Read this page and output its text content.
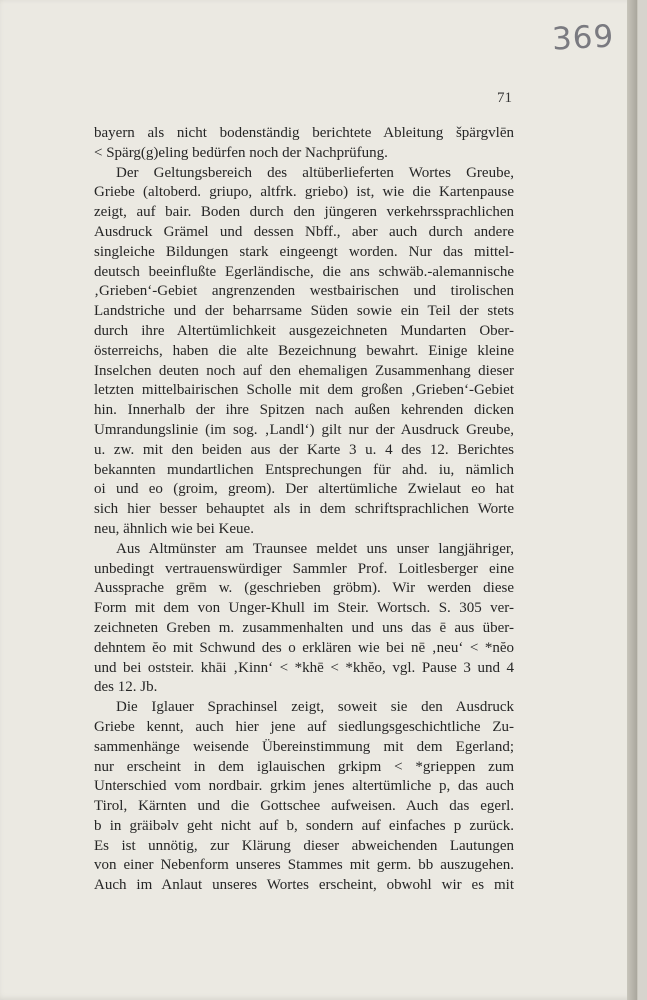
369
71

bayern als nicht bodenständig berichtete Ableitung špärgvlēn

< Spärg(g)eling bedürfen noch der Nachprüfung.

Der Geltungsbereich des altüberlieferten Wortes Greube,

Griebe (altoberd. griupo, altfrk. griebo) ist, wie die Kartenpause

zeigt, auf bair. Boden durch den jüngeren verkehrssprachlichen

Ausdruck Grämel und dessen Nbff., aber auch durch andere

singleiche Bildungen stark eingeengt worden. Nur das mittel-

deutsch beeinflußte Egerländische, die ans schwäb.-alemannische

‚Grieben‘-Gebiet angrenzenden westbairischen und tirolischen

Landstriche und der beharrsame Süden sowie ein Teil der stets

durch ihre Altertümlichkeit ausgezeichneten Mundarten Ober-

österreichs, haben die alte Bezeichnung bewahrt. Einige kleine

Inselchen deuten noch auf den ehemaligen Zusammenhang dieser

letzten mittelbairischen Scholle mit dem großen ‚Grieben‘-Gebiet

hin. Innerhalb der ihre Spitzen nach außen kehrenden dicken

Umrandungslinie (im sog. ‚Landl‘) gilt nur der Ausdruck Greube,

u. zw. mit den beiden aus der Karte 3 u. 4 des 12. Berichtes

bekannten mundartlichen Entsprechungen für ahd. iu, nämlich

oi und eo (groim, greom). Der altertümliche Zwielaut eo hat

sich hier besser behauptet als in dem schriftsprachlichen Worte

neu, ähnlich wie bei Keue.

Aus Altmünster am Traunsee meldet uns unser langjähriger,

unbedingt vertrauenswürdiger Sammler Prof. Loitlesberger eine

Aussprache grēm w. (geschrieben gröbm). Wir werden diese

Form mit dem von Unger-Khull im Steir. Wortsch. S. 305 ver-

zeichneten Greben m. zusammenhalten und uns das ē aus über-

dehntem ĕo mit Schwund des o erklären wie bei nē ‚neu‘ < *nĕo

und bei oststeir. khāi ‚Kinn‘ < *khē < *khĕo, vgl. Pause 3 und 4

des 12. Jb.

Die Iglauer Sprachinsel zeigt, soweit sie den Ausdruck

Griebe kennt, auch hier jene auf siedlungsgeschichtliche Zu-

sammenhänge weisende Übereinstimmung mit dem Egerland;

nur erscheint in dem iglauischen grkipm < *grieppen zum

Unterschied vom nordbair. grkim jenes altertümliche p, das auch

Tirol, Kärnten und die Gottschee aufweisen. Auch das egerl.

b in gräibəlv geht nicht auf b, sondern auf einfaches p zurück.

Es ist unnötig, zur Klärung dieser abweichenden Lautungen

von einer Nebenform unseres Stammes mit germ. bb auszugehen.

Auch im Anlaut unseres Wortes erscheint, obwohl wir es mit
